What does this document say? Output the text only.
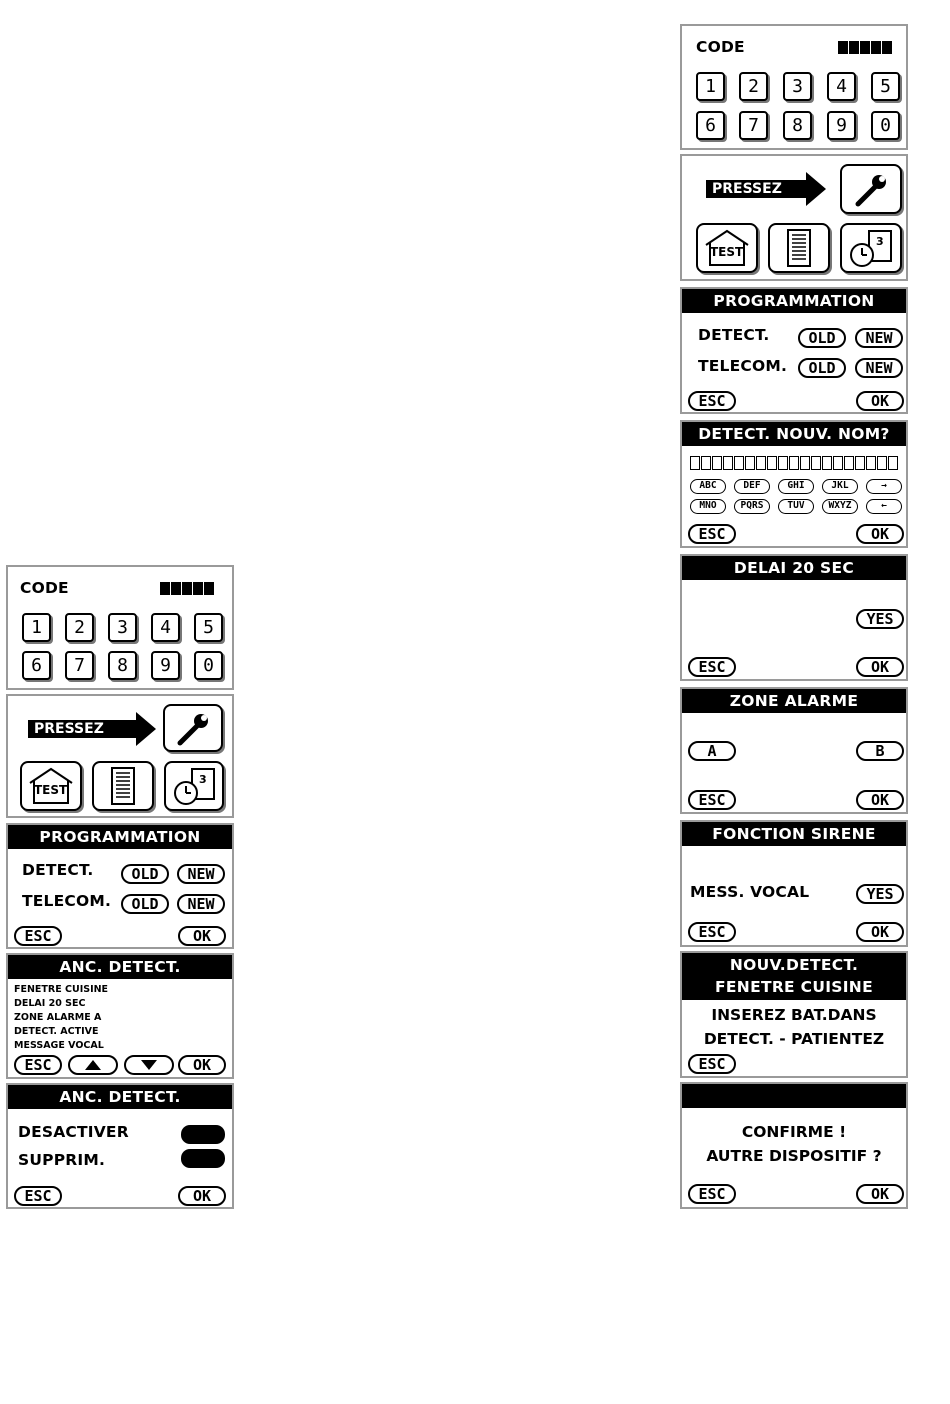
CODE
1	2	3	4	5
6	7	8	9	0
PRESSEZ
TEST
3
PROGRAMMATION
DETECT.	OLD	NEW
TELECOM.	OLD	NEW
ESC	OK
ANC. DETECT.
FENETRE CUISINE
DELAI 20 SEC
ZONE ALARME A
DETECT. ACTIVE
MESSAGE VOCAL
ESC	OK
ANC. DETECT.
DESACTIVER
SUPPRIM.
ESC	OK
CODE
1	2	3	4	5
6	7	8	9	0
PRESSEZ
TEST
3
PROGRAMMATION
DETECT.	OLD	NEW
TELECOM.	OLD	NEW
ESC	OK
DETECT. NOUV. NOM?
ABC	DEF	GHI	JKL	→
MNO	PQRS	TUV	WXYZ	←
ESC	OK
DELAI 20 SEC
YES
ESC	OK
ZONE ALARME
A	B
ESC	OK
FONCTION SIRENE
MESS. VOCAL	YES
ESC	OK
NOUV.DETECT.
FENETRE CUISINE
INSEREZ BAT.DANS
DETECT. - PATIENTEZ
ESC
CONFIRME !
AUTRE DISPOSITIF ?
ESC	OK
